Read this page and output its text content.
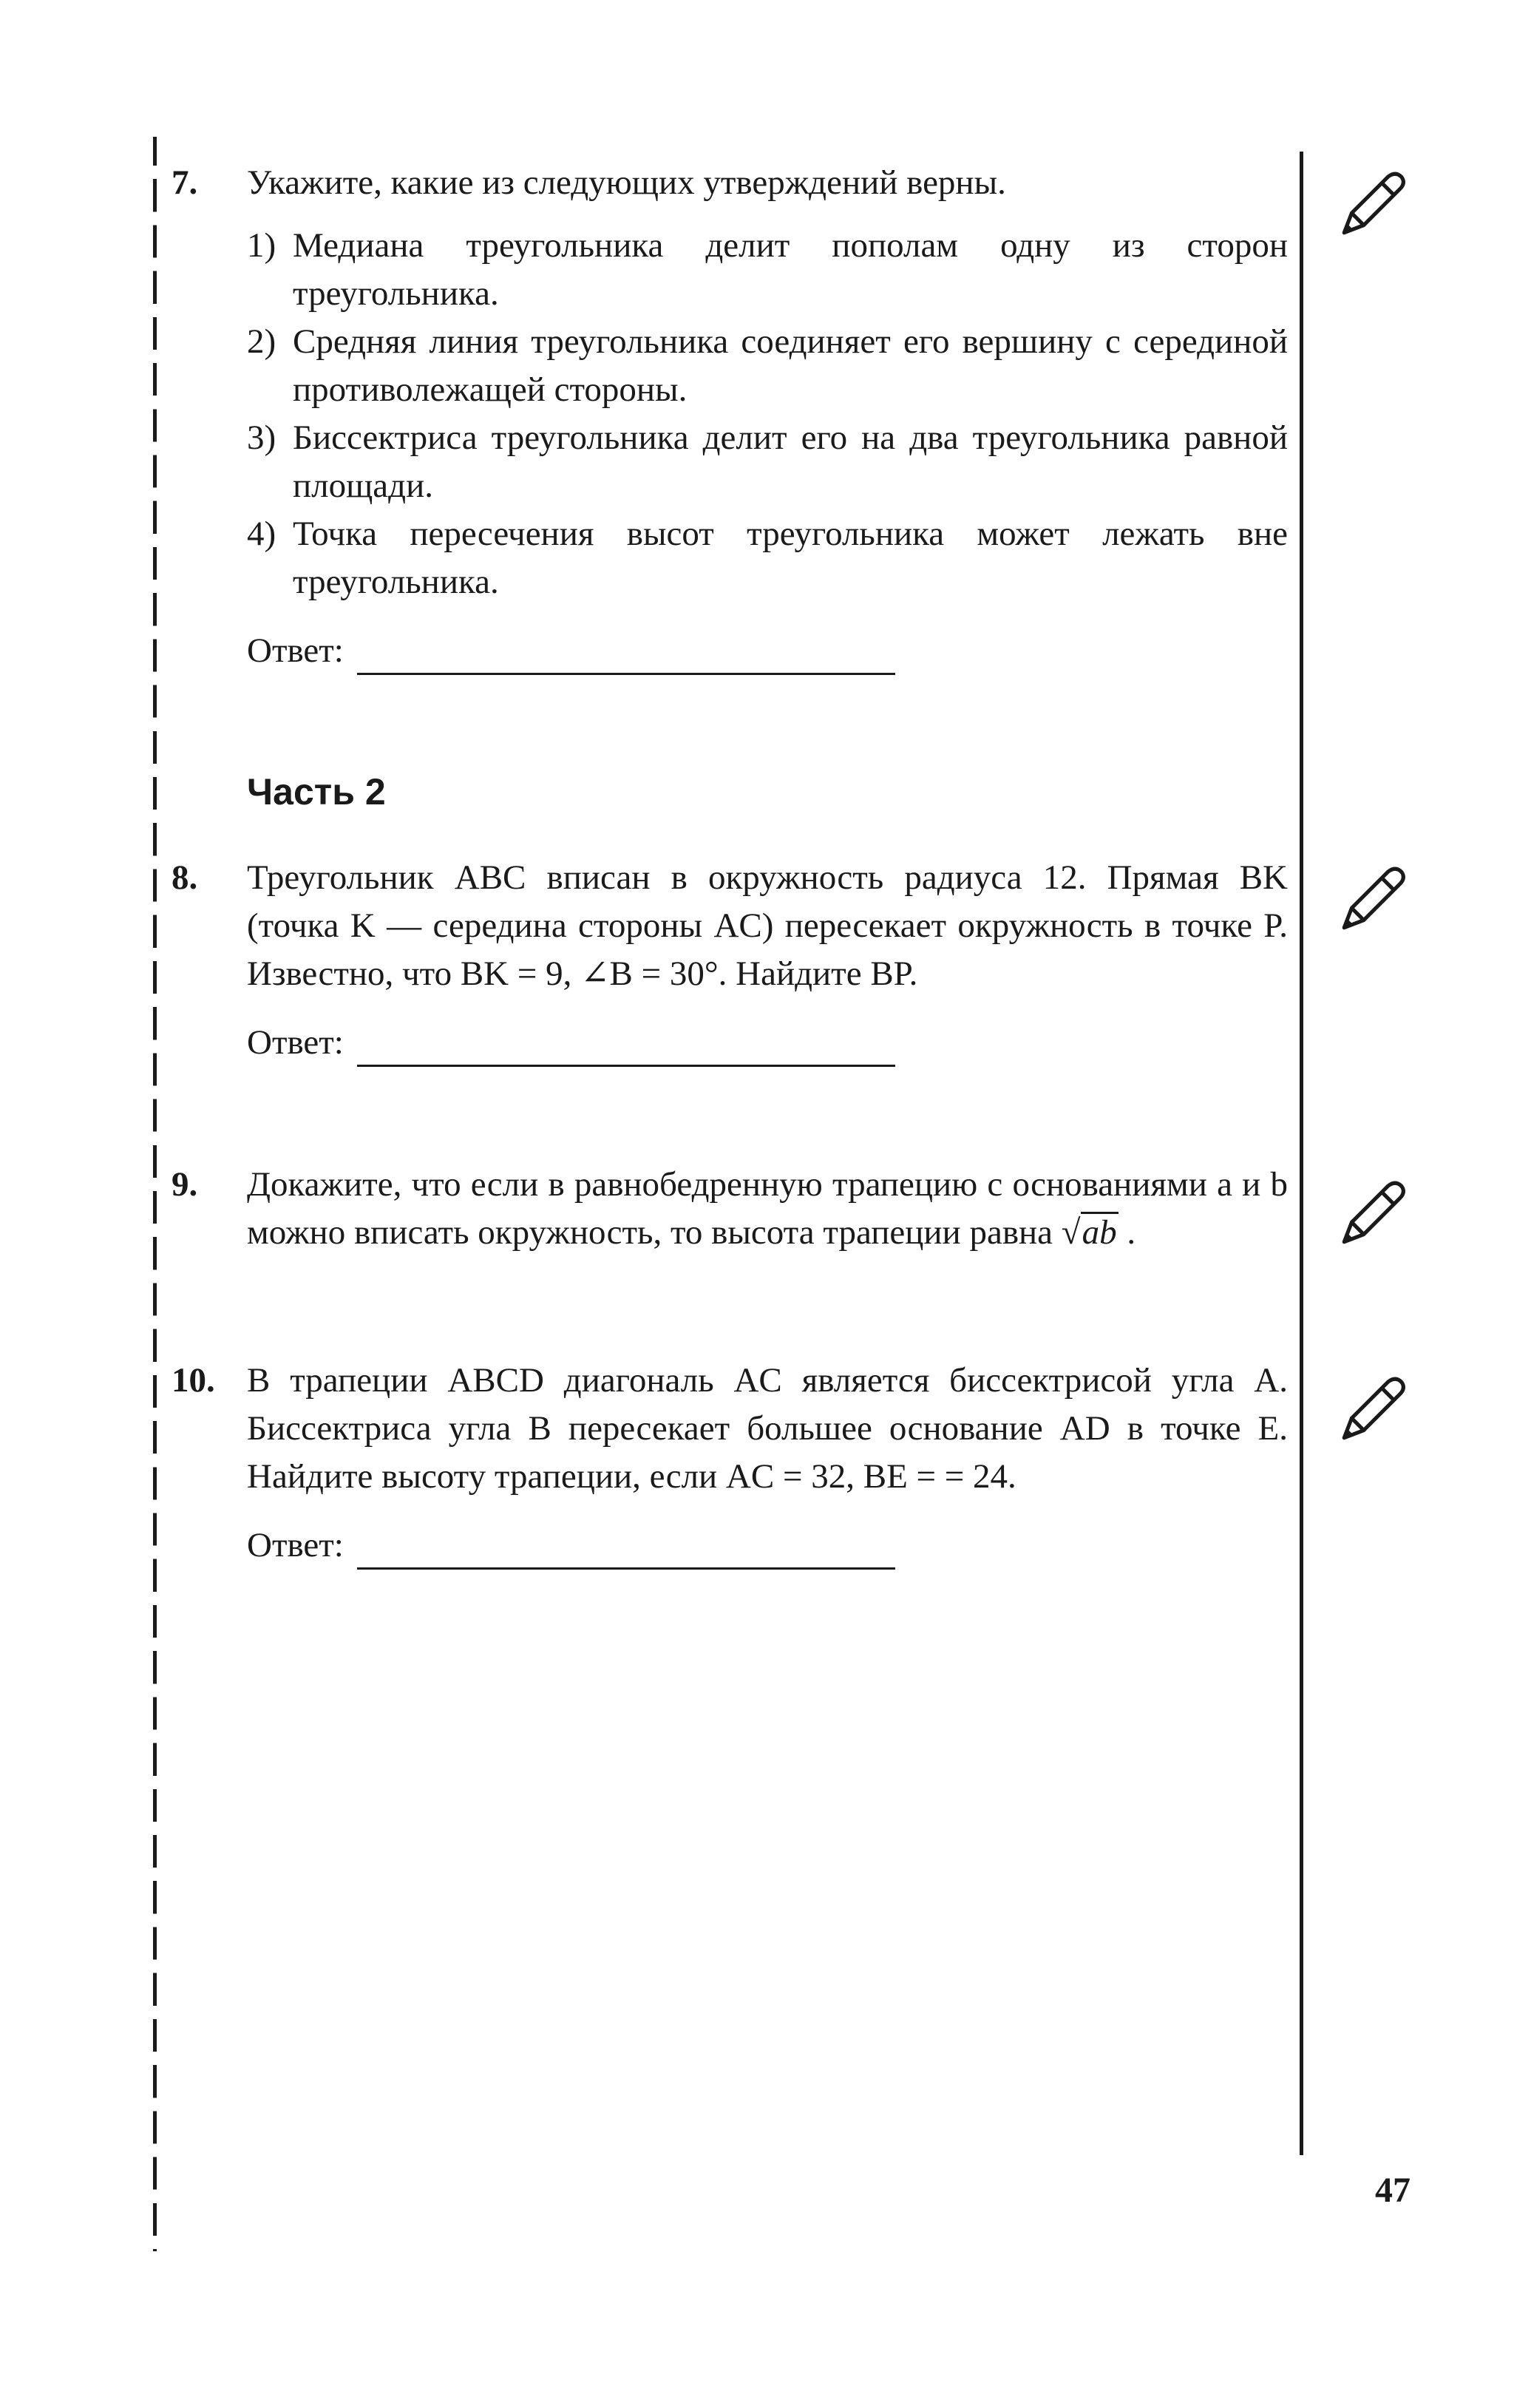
7. Укажите, какие из следующих утверждений верны.
1) Медиана треугольника делит пополам одну из сторон треугольника.
2) Средняя линия треугольника соединяет его вершину с серединой противолежащей стороны.
3) Биссектриса треугольника делит его на два треугольника равной площади.
4) Точка пересечения высот треугольника может лежать вне треугольника.
Ответ:
Часть 2
8. Треугольник ABC вписан в окружность радиуса 12. Прямая BK (точка K — середина стороны AC) пересекает окружность в точке P. Известно, что BK = 9, ∠B = 30°. Найдите BP.
Ответ:
9. Докажите, что если в равнобедренную трапецию с основаниями a и b можно вписать окружность, то высота трапеции равна √ab .
10. В трапеции ABCD диагональ AC является биссектрисой угла A. Биссектриса угла B пересекает большее основание AD в точке E. Найдите высоту трапеции, если AC = 32, BE = = 24.
Ответ:
47
